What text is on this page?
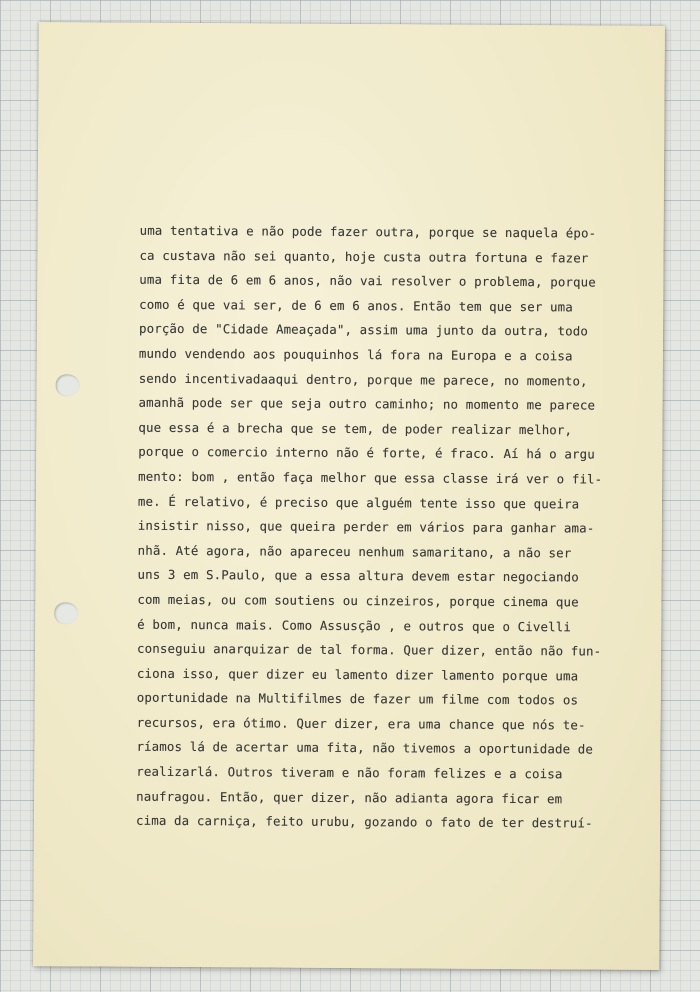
uma tentativa e não pode fazer outra, porque se naquela épo-
ca custava não sei quanto, hoje custa outra fortuna e fazer
uma fita de 6 em 6 anos, não vai resolver o problema, porque
como é que vai ser, de 6 em 6 anos. Então tem que ser uma
porção de "Cidade Ameaçada", assim uma junto da outra, todo
mundo vendendo aos pouquinhos lá fora na Europa e a coisa
sendo incentivadaaqui dentro, porque me parece, no momento,
amanhã pode ser que seja outro caminho; no momento me parece
que essa é a brecha que se tem, de poder realizar melhor,
porque o comercio interno não é forte, é fraco. Aí há o argu
mento: bom , então faça melhor que essa classe irá ver o fil-
me. É relativo, é preciso que alguém tente isso que queira
insistir nisso, que queira perder em vários para ganhar ama-
nhã. Até agora, não apareceu nenhum samaritano, a não ser
uns 3 em S.Paulo, que a essa altura devem estar negociando
com meias, ou com soutiens ou cinzeiros, porque cinema que
é bom, nunca mais. Como Assusção , e outros que o Civelli
conseguiu anarquizar de tal forma. Quer dizer, então não fun-
ciona isso, quer dizer eu lamento dizer lamento porque uma
oportunidade na Multifilmes de fazer um filme com todos os
recursos, era ótimo. Quer dizer, era uma chance que nós te-
ríamos lá de acertar uma fita, não tivemos a oportunidade de
realizarlá. Outros tiveram e não foram felizes e a coisa
naufragou. Então, quer dizer, não adianta agora ficar em
cima da carniça, feito urubu, gozando o fato de ter destruí-
